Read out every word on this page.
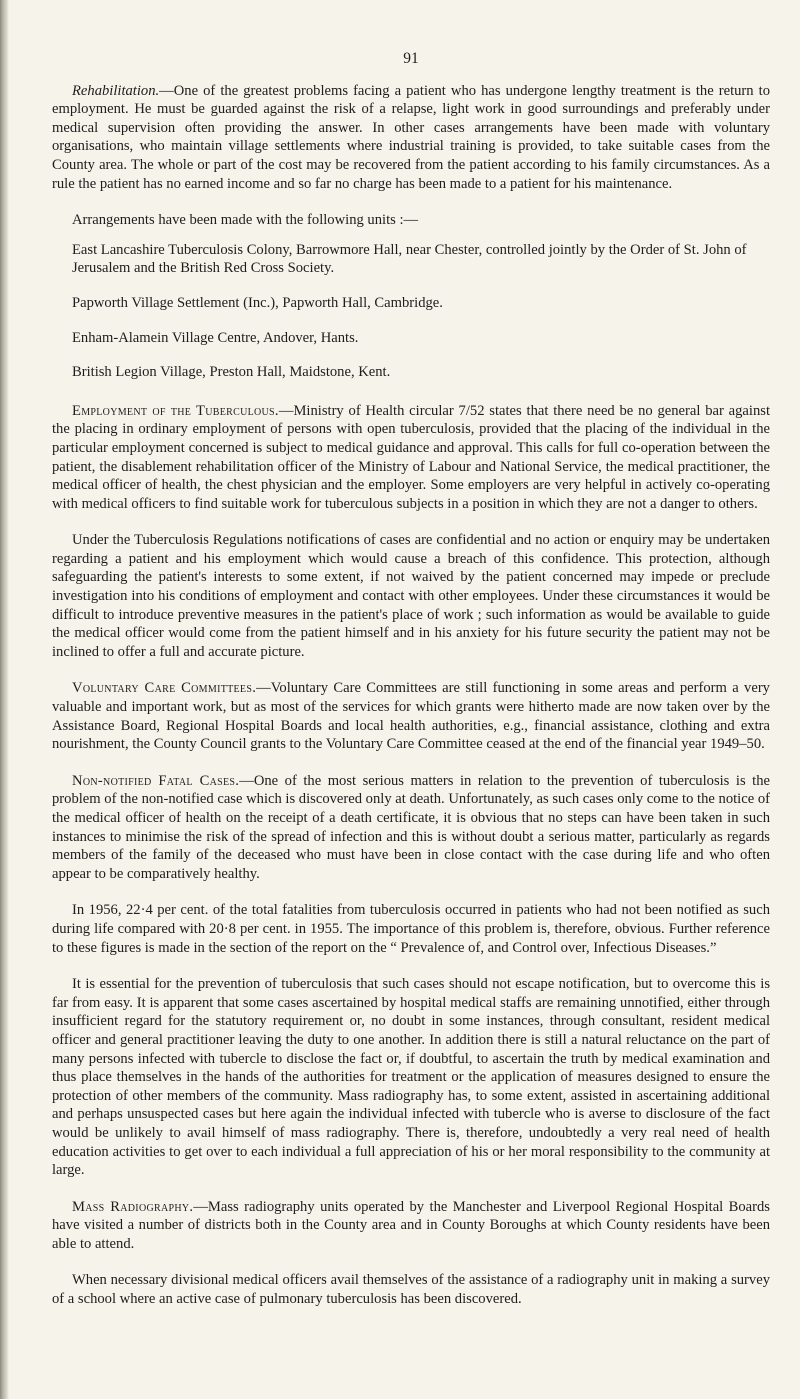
91

Rehabilitation.—One of the greatest problems facing a patient who has undergone lengthy treatment is the return to employment. He must be guarded against the risk of a relapse, light work in good surroundings and preferably under medical supervision often providing the answer. In other cases arrangements have been made with voluntary organisations, who maintain village settlements where industrial training is provided, to take suitable cases from the County area. The whole or part of the cost may be recovered from the patient according to his family circumstances. As a rule the patient has no earned income and so far no charge has been made to a patient for his maintenance.

Arrangements have been made with the following units :—

East Lancashire Tuberculosis Colony, Barrowmore Hall, near Chester, controlled jointly by the Order of St. John of Jerusalem and the British Red Cross Society.
Papworth Village Settlement (Inc.), Papworth Hall, Cambridge.
Enham-Alamein Village Centre, Andover, Hants.
British Legion Village, Preston Hall, Maidstone, Kent.

Employment of the Tuberculous.—Ministry of Health circular 7/52 states that there need be no general bar against the placing in ordinary employment of persons with open tuberculosis, provided that the placing of the individual in the particular employment concerned is subject to medical guidance and approval. This calls for full co-operation between the patient, the disablement rehabilitation officer of the Ministry of Labour and National Service, the medical practitioner, the medical officer of health, the chest physician and the employer. Some employers are very helpful in actively co-operating with medical officers to find suitable work for tuberculous subjects in a position in which they are not a danger to others.

Under the Tuberculosis Regulations notifications of cases are confidential and no action or enquiry may be undertaken regarding a patient and his employment which would cause a breach of this confidence. This protection, although safeguarding the patient's interests to some extent, if not waived by the patient concerned may impede or preclude investigation into his conditions of employment and contact with other employees. Under these circumstances it would be difficult to introduce preventive measures in the patient's place of work ; such information as would be available to guide the medical officer would come from the patient himself and in his anxiety for his future security the patient may not be inclined to offer a full and accurate picture.

Voluntary Care Committees.—Voluntary Care Committees are still functioning in some areas and perform a very valuable and important work, but as most of the services for which grants were hitherto made are now taken over by the Assistance Board, Regional Hospital Boards and local health authorities, e.g., financial assistance, clothing and extra nourishment, the County Council grants to the Voluntary Care Committee ceased at the end of the financial year 1949–50.

Non-notified Fatal Cases.—One of the most serious matters in relation to the prevention of tuberculosis is the problem of the non-notified case which is discovered only at death. Unfortunately, as such cases only come to the notice of the medical officer of health on the receipt of a death certificate, it is obvious that no steps can have been taken in such instances to minimise the risk of the spread of infection and this is without doubt a serious matter, particularly as regards members of the family of the deceased who must have been in close contact with the case during life and who often appear to be comparatively healthy.

In 1956, 22·4 per cent. of the total fatalities from tuberculosis occurred in patients who had not been notified as such during life compared with 20·8 per cent. in 1955. The importance of this problem is, therefore, obvious. Further reference to these figures is made in the section of the report on the “ Prevalence of, and Control over, Infectious Diseases.”

It is essential for the prevention of tuberculosis that such cases should not escape notification, but to overcome this is far from easy. It is apparent that some cases ascertained by hospital medical staffs are remaining unnotified, either through insufficient regard for the statutory requirement or, no doubt in some instances, through consultant, resident medical officer and general practitioner leaving the duty to one another. In addition there is still a natural reluctance on the part of many persons infected with tubercle to disclose the fact or, if doubtful, to ascertain the truth by medical examination and thus place themselves in the hands of the authorities for treatment or the application of measures designed to ensure the protection of other members of the community. Mass radiography has, to some extent, assisted in ascertaining additional and perhaps unsuspected cases but here again the individual infected with tubercle who is averse to disclosure of the fact would be unlikely to avail himself of mass radiography. There is, therefore, undoubtedly a very real need of health education activities to get over to each individual a full appreciation of his or her moral responsibility to the community at large.

Mass Radiography.—Mass radiography units operated by the Manchester and Liverpool Regional Hospital Boards have visited a number of districts both in the County area and in County Boroughs at which County residents have been able to attend.

When necessary divisional medical officers avail themselves of the assistance of a radiography unit in making a survey of a school where an active case of pulmonary tuberculosis has been discovered.
